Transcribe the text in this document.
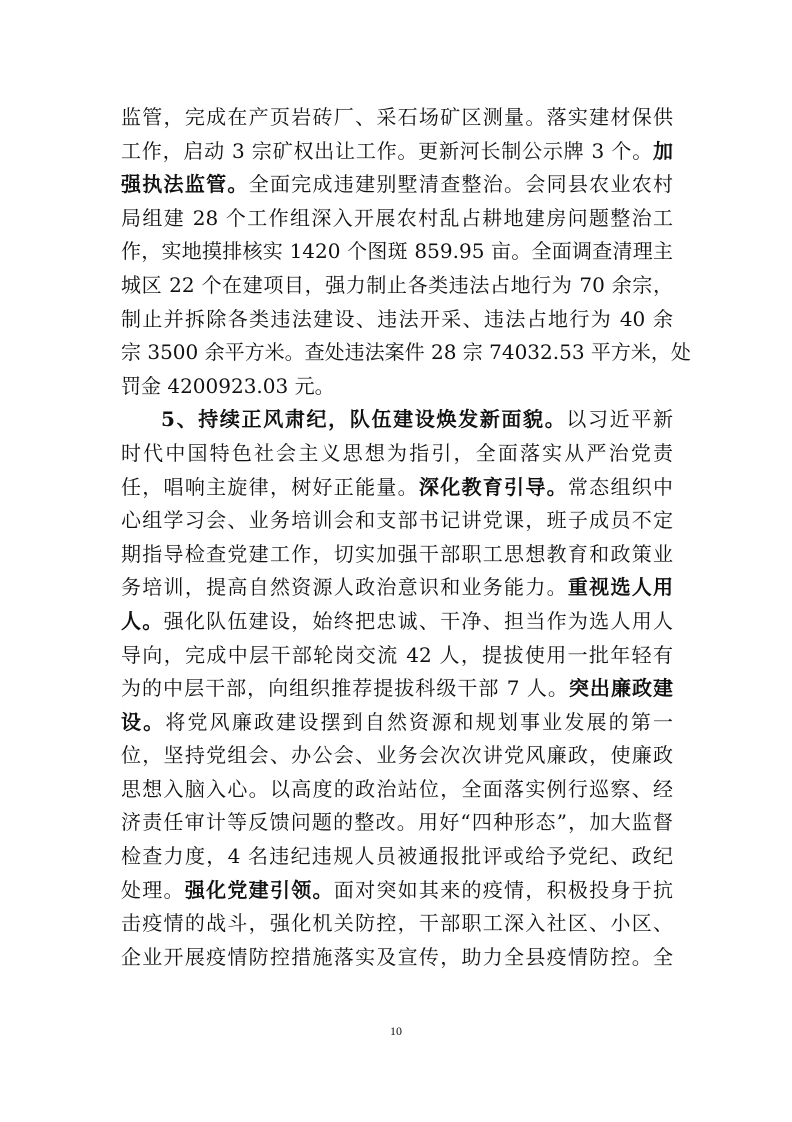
监管，完成在产页岩砖厂、采石场矿区测量。落实建材保供
工作，启动 3 宗矿权出让工作。更新河长制公示牌 3 个。加
强执法监管。全面完成违建别墅清查整治。会同县农业农村
局组建 28 个工作组深入开展农村乱占耕地建房问题整治工
作，实地摸排核实 1420 个图斑 859.95 亩。全面调查清理主
城区 22 个在建项目，强力制止各类违法占地行为 70 余宗，
制止并拆除各类违法建设、违法开采、违法占地行为 40 余
宗 3500 余平方米。查处违法案件 28 宗 74032.53 平方米，处
罚金 4200923.03 元。
5、持续正风肃纪，队伍建设焕发新面貌。以习近平新
时代中国特色社会主义思想为指引，全面落实从严治党责
任，唱响主旋律，树好正能量。深化教育引导。常态组织中
心组学习会、业务培训会和支部书记讲党课，班子成员不定
期指导检查党建工作，切实加强干部职工思想教育和政策业
务培训，提高自然资源人政治意识和业务能力。重视选人用
人。强化队伍建设，始终把忠诚、干净、担当作为选人用人
导向，完成中层干部轮岗交流 42 人，提拔使用一批年轻有
为的中层干部，向组织推荐提拔科级干部 7 人。突出廉政建
设。将党风廉政建设摆到自然资源和规划事业发展的第一
位，坚持党组会、办公会、业务会次次讲党风廉政，使廉政
思想入脑入心。以高度的政治站位，全面落实例行巡察、经
济责任审计等反馈问题的整改。用好“四种形态”，加大监督
检查力度，4 名违纪违规人员被通报批评或给予党纪、政纪
处理。强化党建引领。面对突如其来的疫情，积极投身于抗
击疫情的战斗，强化机关防控，干部职工深入社区、小区、
企业开展疫情防控措施落实及宣传，助力全县疫情防控。全
10
